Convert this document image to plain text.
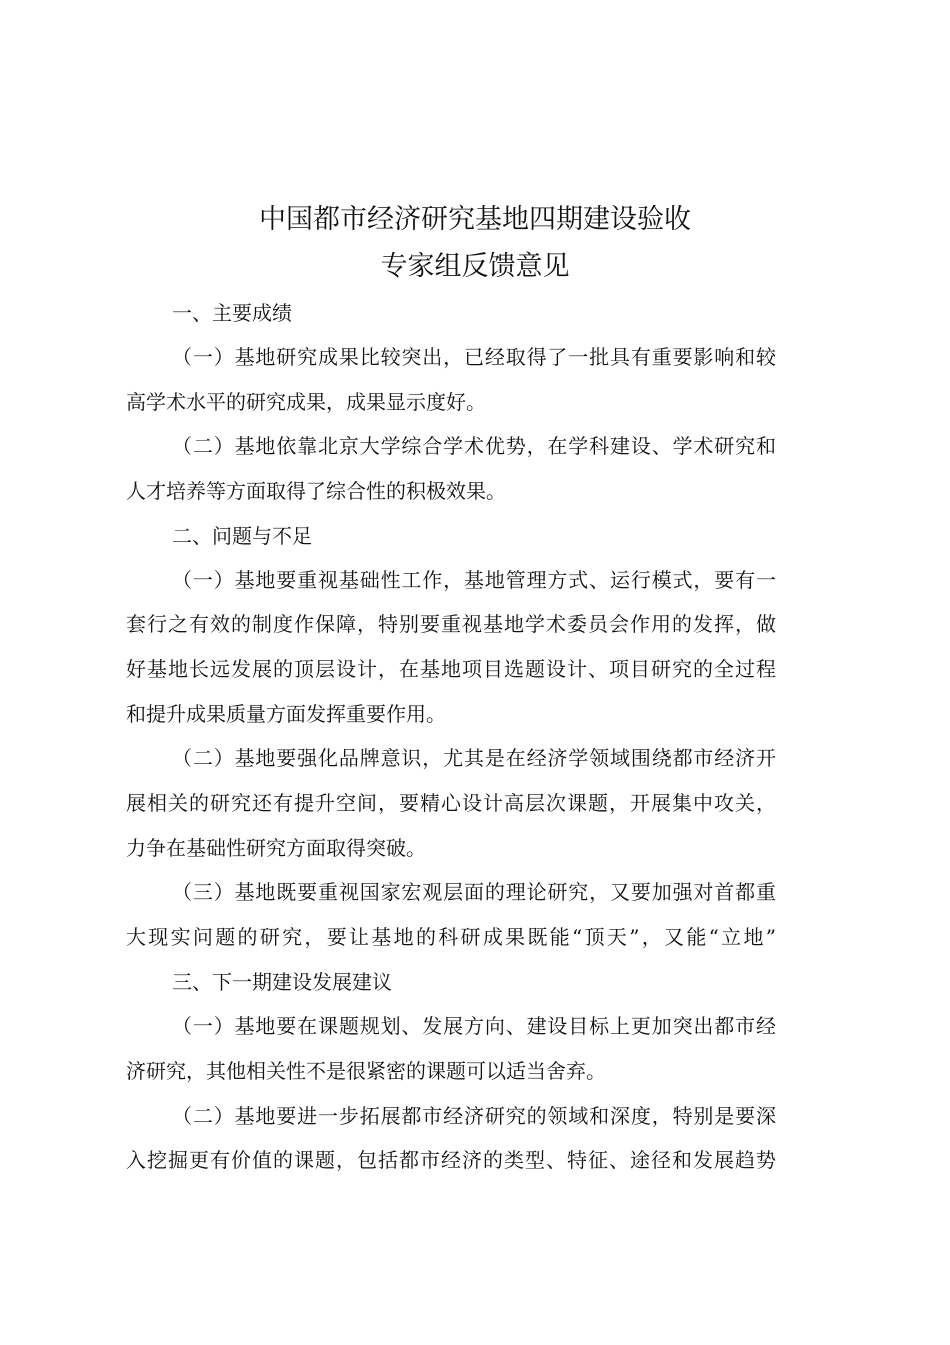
中国都市经济研究基地四期建设验收
专家组反馈意见
一、主要成绩
（一）基地研究成果比较突出，已经取得了一批具有重要影响和较
高学术水平的研究成果，成果显示度好。
（二）基地依靠北京大学综合学术优势，在学科建设、学术研究和
人才培养等方面取得了综合性的积极效果。
二、问题与不足
（一）基地要重视基础性工作，基地管理方式、运行模式，要有一
套行之有效的制度作保障，特别要重视基地学术委员会作用的发挥，做
好基地长远发展的顶层设计，在基地项目选题设计、项目研究的全过程
和提升成果质量方面发挥重要作用。
（二）基地要强化品牌意识，尤其是在经济学领域围绕都市经济开
展相关的研究还有提升空间，要精心设计高层次课题，开展集中攻关，
力争在基础性研究方面取得突破。
（三）基地既要重视国家宏观层面的理论研究，又要加强对首都重
大现实问题的研究，要让基地的科研成果既能“顶天”，又能“立地”
三、下一期建设发展建议
（一）基地要在课题规划、发展方向、建设目标上更加突出都市经
济研究，其他相关性不是很紧密的课题可以适当舍弃。
（二）基地要进一步拓展都市经济研究的领域和深度，特别是要深
入挖掘更有价值的课题，包括都市经济的类型、特征、途径和发展趋势
